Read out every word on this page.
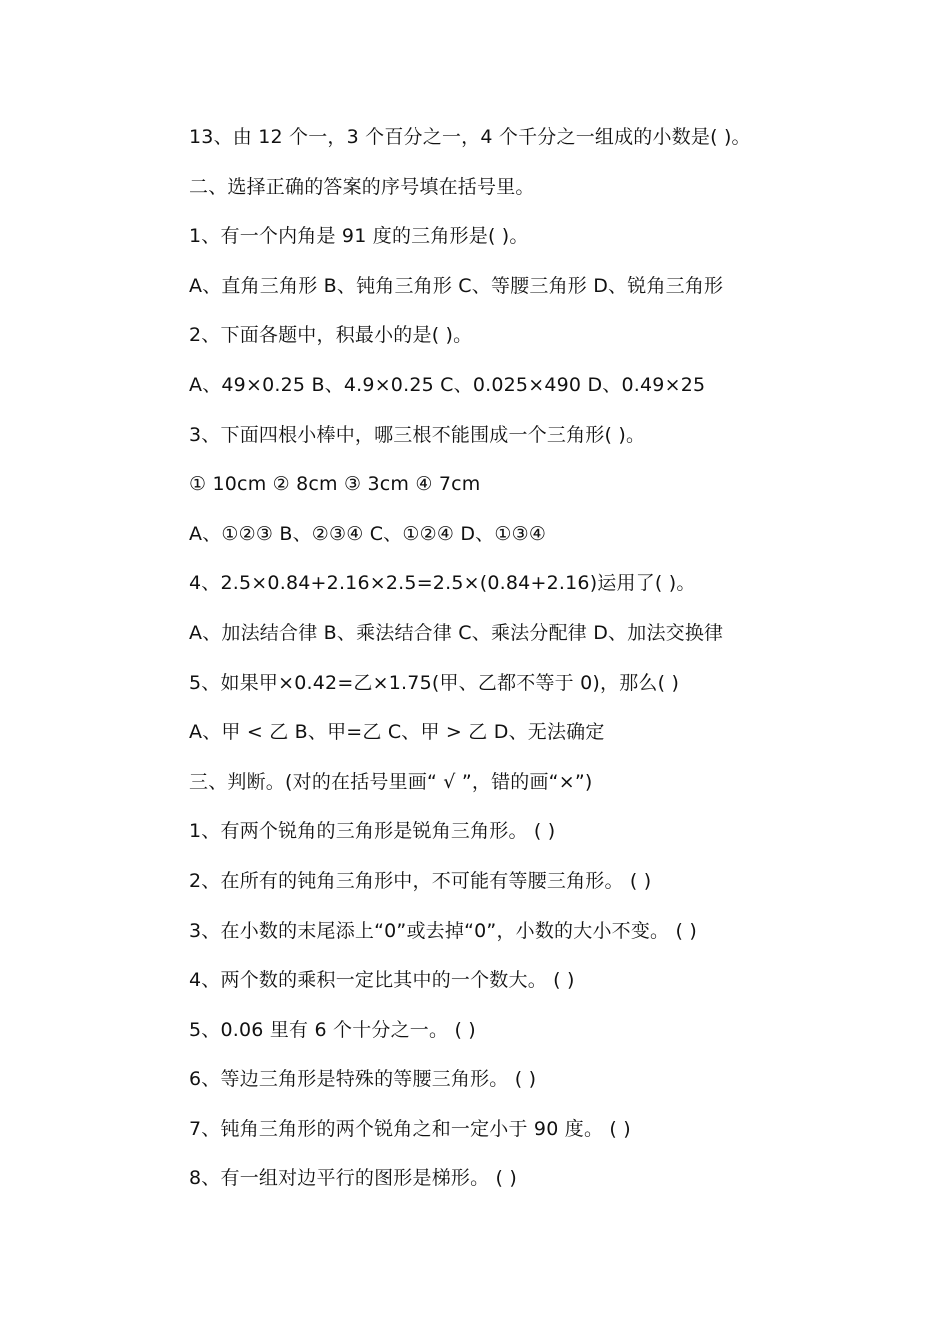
13、由 12 个一，3 个百分之一，4 个千分之一组成的小数是( )。
二、选择正确的答案的序号填在括号里。
1、有一个内角是 91 度的三角形是( )。
A、直角三角形 B、钝角三角形 C、等腰三角形 D、锐角三角形
2、下面各题中，积最小的是( )。
A、49×0.25 B、4.9×0.25 C、0.025×490 D、0.49×25
3、下面四根小棒中，哪三根不能围成一个三角形( )。
① 10cm ② 8cm ③ 3cm ④ 7cm
A、①②③ B、②③④ C、①②④ D、①③④
4、2.5×0.84+2.16×2.5=2.5×(0.84+2.16)运用了( )。
A、加法结合律 B、乘法结合律 C、乘法分配律 D、加法交换律
5、如果甲×0.42=乙×1.75(甲、乙都不等于 0)，那么( )
A、甲 < 乙 B、甲=乙 C、甲 > 乙 D、无法确定
三、判断。(对的在括号里画“ √ ”，错的画“×”)
1、有两个锐角的三角形是锐角三角形。 ( )
2、在所有的钝角三角形中，不可能有等腰三角形。 ( )
3、在小数的末尾添上“0”或去掉“0”，小数的大小不变。 ( )
4、两个数的乘积一定比其中的一个数大。 ( )
5、0.06 里有 6 个十分之一。 ( )
6、等边三角形是特殊的等腰三角形。 ( )
7、钝角三角形的两个锐角之和一定小于 90 度。 ( )
8、有一组对边平行的图形是梯形。 ( )
